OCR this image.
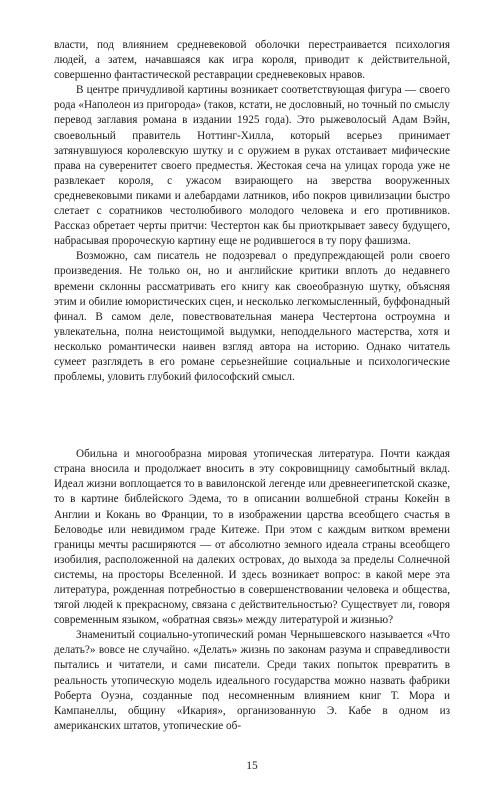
власти, под влиянием средневековой оболочки перестраивается психология людей, а затем, начавшаяся как игра короля, приводит к действительной, совершенно фантастической реставрации средневековых нравов.

В центре причудливой картины возникает соответствующая фигура — своего рода «Наполеон из пригорода» (таков, кстати, не дословный, но точный по смыслу перевод заглавия романа в издании 1925 года). Это рыжеволосый Адам Вэйн, своевольный правитель Ноттинг-Хилла, который всерьез принимает затянувшуюся королевскую шутку и с оружием в руках отстаивает мифические права на суверенитет своего предместья. Жестокая сеча на улицах города уже не развлекает короля, с ужасом взирающего на зверства вооруженных средневековыми пиками и алебардами латников, ибо покров цивилизации быстро слетает с соратников честолюбивого молодого человека и его противников. Рассказ обретает черты притчи: Честертон как бы приоткрывает завесу будущего, набрасывая пророческую картину еще не родившегося в ту пору фашизма.

Возможно, сам писатель не подозревал о предупреждающей роли своего произведения. Не только он, но и английские критики вплоть до недавнего времени склонны рассматривать его книгу как своеобразную шутку, объясняя этим и обилие юмористических сцен, и несколько легкомысленный, буффонадный финал. В самом деле, повествовательная манера Честертона остроумна и увлекательна, полна неистощимой выдумки, неподдельного мастерства, хотя и несколько романтически наивен взгляд автора на историю. Однако читатель сумеет разглядеть в его романе серьезнейшие социальные и психологические проблемы, уловить глубокий философский смысл.

Обильна и многообразна мировая утопическая литература. Почти каждая страна вносила и продолжает вносить в эту сокровищницу самобытный вклад. Идеал жизни воплощается то в вавилонской легенде или древнеегипетской сказке, то в картине библейского Эдема, то в описании волшебной страны Кокейн в Англии и Кокань во Франции, то в изображении царства всеобщего счастья в Беловодье или невидимом граде Китеже. При этом с каждым витком времени границы мечты расширяются — от абсолютно земного идеала страны всеобщего изобилия, расположенной на далеких островах, до выхода за пределы Солнечной системы, на просторы Вселенной. И здесь возникает вопрос: в какой мере эта литература, рожденная потребностью в совершенствовании человека и общества, тягой людей к прекрасному, связана с действительностью? Существует ли, говоря современным языком, «обратная связь» между литературой и жизнью?

Знаменитый социально-утопический роман Чернышевского называется «Что делать?» вовсе не случайно. «Делать» жизнь по законам разума и справедливости пытались и читатели, и сами писатели. Среди таких попыток превратить в реальность утопическую модель идеального государства можно назвать фабрики Роберта Оуэна, созданные под несомненным влиянием книг Т. Мора и Кампанеллы, общину «Икария», организованную Э. Кабе в одном из американских штатов, утопические об-

15
